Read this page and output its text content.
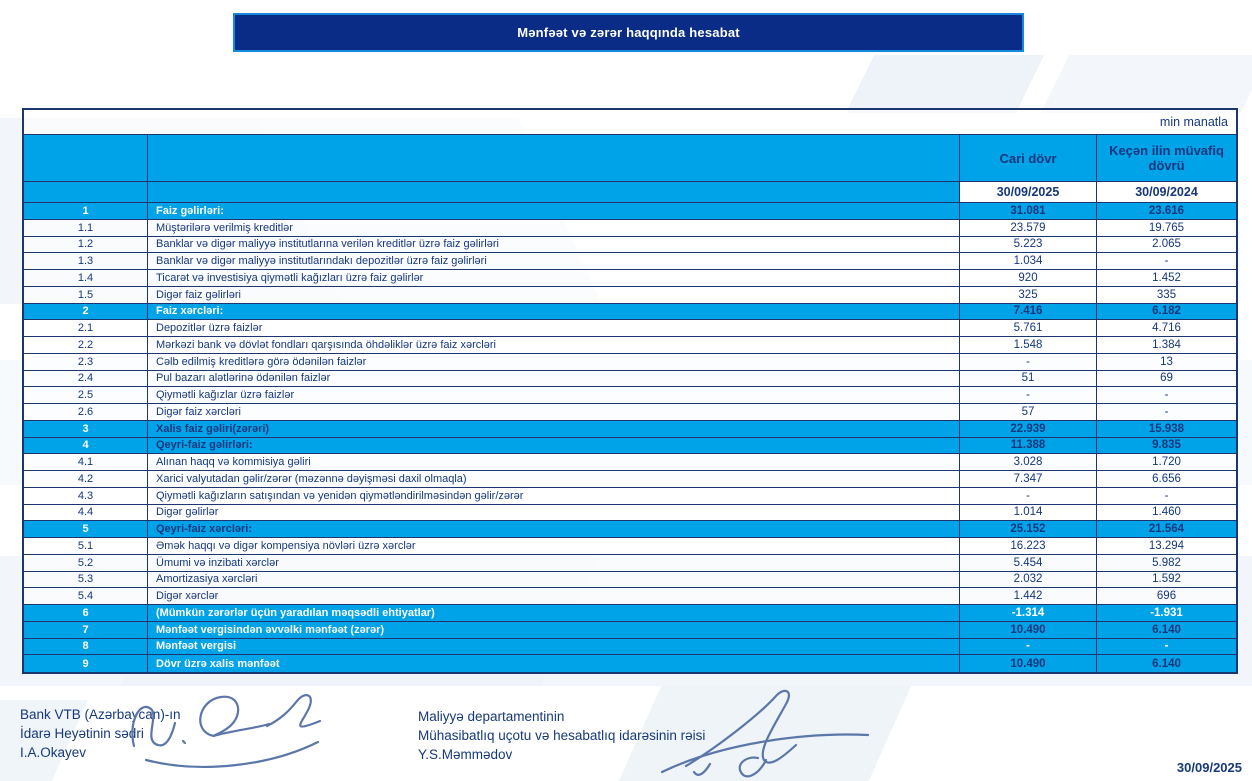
Mənfəət və zərər haqqında hesabat
min manatla
Cari dövr	Keçən ilin müvafiq dövrü
30/09/2025	30/09/2024
1	Faiz gəlirləri:	31.081	23.616
1.1	Müştərilərə verilmiş kreditlər	23.579	19.765
1.2	Banklar və digər maliyyə institutlarına verilən kreditlər üzrə faiz gəlirləri	5.223	2.065
1.3	Banklar və digər maliyyə institutlarındakı depozitlər üzrə faiz gəlirləri	1.034	-
1.4	Ticarət və investisiya qiymətli kağızları üzrə faiz gəlirlər	920	1.452
1.5	Digər faiz gəlirləri	325	335
2	Faiz xərcləri:	7.416	6.182
2.1	Depozitlər üzrə faizlər	5.761	4.716
2.2	Mərkəzi bank və dövlət fondları qarşısında öhdəliklər üzrə faiz xərcləri	1.548	1.384
2.3	Cəlb edilmiş kreditlərə görə ödənilən faizlər	-	13
2.4	Pul bazarı alətlərinə ödənilən faizlər	51	69
2.5	Qiymətli kağızlar üzrə faizlər	-	-
2.6	Digər faiz xərcləri	57	-
3	Xalis faiz gəliri(zərəri)	22.939	15.938
4	Qeyri-faiz gəlirləri:	11.388	9.835
4.1	Alınan haqq və kommisiya gəliri	3.028	1.720
4.2	Xarici valyutadan gəlir/zərər (məzənnə dəyişməsi daxil olmaqla)	7.347	6.656
4.3	Qiymətli kağızların satışından və yenidən qiymətləndirilməsindən gəlir/zərər	-	-
4.4	Digər gəlirlər	1.014	1.460
5	Qeyri-faiz xərcləri:	25.152	21.564
5.1	Əmək haqqı və digər kompensiya növləri üzrə xərclər	16.223	13.294
5.2	Ümumi və inzibati xərclər	5.454	5.982
5.3	Amortizasiya xərcləri	2.032	1.592
5.4	Digər xərclər	1.442	696
6	(Mümkün zərərlər üçün yaradılan məqsədli ehtiyatlar)	-1.314	-1.931
7	Mənfəət vergisindən əvvəlki mənfəət (zərər)	10.490	6.140
8	Mənfəət vergisi	-	-
9	Dövr üzrə xalis mənfəət	10.490	6.140
Bank VTB (Azərbaycan)-ın
İdarə Heyətinin sədri
I.A.Okayev
Maliyyə departamentinin
Mühasibatlıq uçotu və hesabatlıq idarəsinin rəisi
Y.S.Məmmədov
30/09/2025
